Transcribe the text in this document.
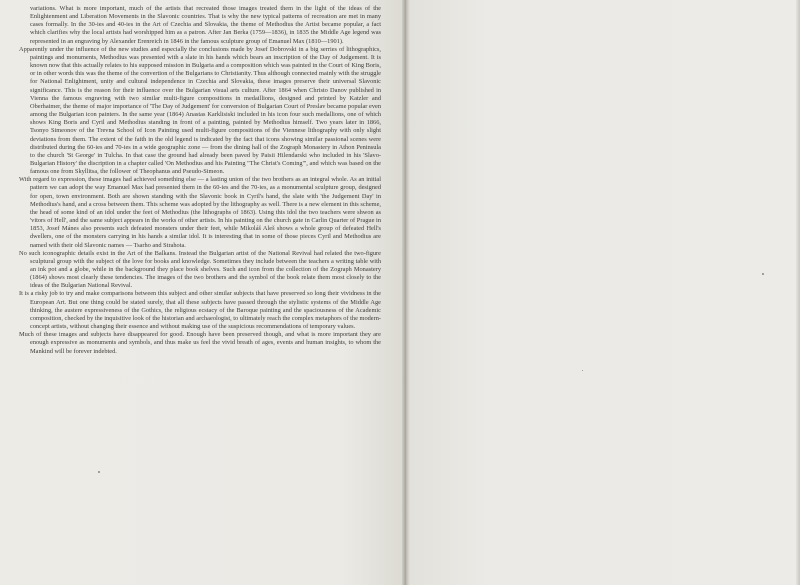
variations. What is more important, much of the artists that recreated those images treated them in the light of the ideas of the Enlightenment and Liberation Movements in the Slavonic countries. That is why the new typical patterns of recreation are met in many cases formally. In the 30-ies and 40-ies in the Art of Czechia and Slovakia, the theme of Methodius the Artist became popular, a fact which clarifies why the local artists had worshipped him as a patron. After Jan Berka (1759—1836), in 1835 the Middle Age legend was represented in an engraving by Alexander Erenreich in 1846 in the famous sculpture group of Emanuel Max (1810—1901).

Apparently under the influence of the new studies and especially the conclusions made by Josef Dobrovski in a big serries of lithographics, paintings and monuments, Methodius was presented with a slate in his hands which bears an inscription of the Day of Judgement. It is known now that this actually relates to his supposed mission in Bulgaria and a composition which was painted in the Court of King Boris, or in other words this was the theme of the convertion of the Bulgarians to Christianity. Thus although connected mainly with the struggle for National Enlightment, unity and cultural independence in Czechia and Slovakia, these images preserve their universal Slavonic significance. This is the reason for their influence over the Bulgarian visual arts culture. After 1864 when Christo Danov published in Vienna the famous engraving with two similar multi-figure compositions in medaillions, designed and printed by Katzler and Oberhaimer, the theme of major importance of 'The Day of Judgement' for conversion of Bulgarian Court of Preslav became popular even among the Bulgarian icon painters. In the same year (1864) Anastas Karklisiski included in his icon four such medallions, one of which shows King Boris and Cyril and Methodius standing in front of a painting, painted by Methodius himself. Two years later in 1866, Tsonyo Simeonov of the Trevna School of Icon Painting used multi-figure compositions of the Viennese lithography with only slight deviations from them. The extent of the faith in the old legend is indicated by the fact that icons showing similar passional scenes were distributed during the 60-ies and 70-ies in a wide geographic zone — from the dining hall of the Zograph Monastery in Athon Peninsula to the church 'St George' in Tulcha. In that case the ground had already been paved by Paisii Hilendarski who included in his 'Slavo-Bulgarian History' the discription in a chapter called 'On Methodius and his Painting "The Christ's Coming"', and which was based on the famous one from Skyllitsa, the follower of Theophanus and Pseudo-Simeon.

With regard to expression, these images had achieved something else — a lasting union of the two brothers as an integral whole. As an initial pattern we can adopt the way Emanuel Max had presented them in the 60-ies and the 70-ies, as a monumental sculpture group, designed for open, town environment. Both are shown standing with the Slavonic book in Cyril's hand, the slate with 'the Judgement Day' in Methodius's hand, and a cross between them. This scheme was adopted by the lithography as well. There is a new element in this scheme, the head of some kind of an idol under the feet of Methodius (the lithographs of 1863). Using this idol the two teachers were shwon as 'vitors of Hell', and the same subject appears in the works of other artists. In his painting on the church gate in Carlin Quarter of Prague in 1853, Josef Mánes also presents such defeated monsters under their feet, while Mikoláš Aleš shows a whole group of defeated Hell's dwellers, one of the monsters carrying in his hands a similar idol. It is interesting that in some of those pieces Cyril and Methodius are named with their old Slavonic names — Tsarho and Strahota.

No such iconographic details exist in the Art of the Balkans. Instead the Bulgarian artist of the National Revival had related the two-figure sculptural group with the subject of the love for books and knowledge. Sometimes they include between the teachers a writing table with an ink pot and a globe, while in the background they place book shelves. Such and icon from the collection of the Zograph Monastery (1864) shows most clearly these tendencies. The images of the two brothers and the symbol of the book relate them most closely to the ideas of the Bulgarian National Revival.

It is a risky job to try and make comparisons between this subject and other similar subjects that have preserved so long their vividness in the European Art. But one thing could be stated surely, that all these subjects have passed through the stylistic systems of the Middle Age thinking, the austere expressiveness of the Gothics, the religious ecstacy of the Baroque painting and the spaciousness of the Academic composition, checked by the inquisitive look of the historian and archaeologist, to ultimately reach the complex metaphors of the modern-concept artists, without changing their essence and without making use of the suspicious recommendations of temporary values.

Much of these images and subjects have disappeared for good. Enough have been preserved though, and what is more important they are enough expressive as monuments and symbols, and thus make us feel the vivid breath of ages, events and human insights, to whom the Mankind will be forever indebted.
